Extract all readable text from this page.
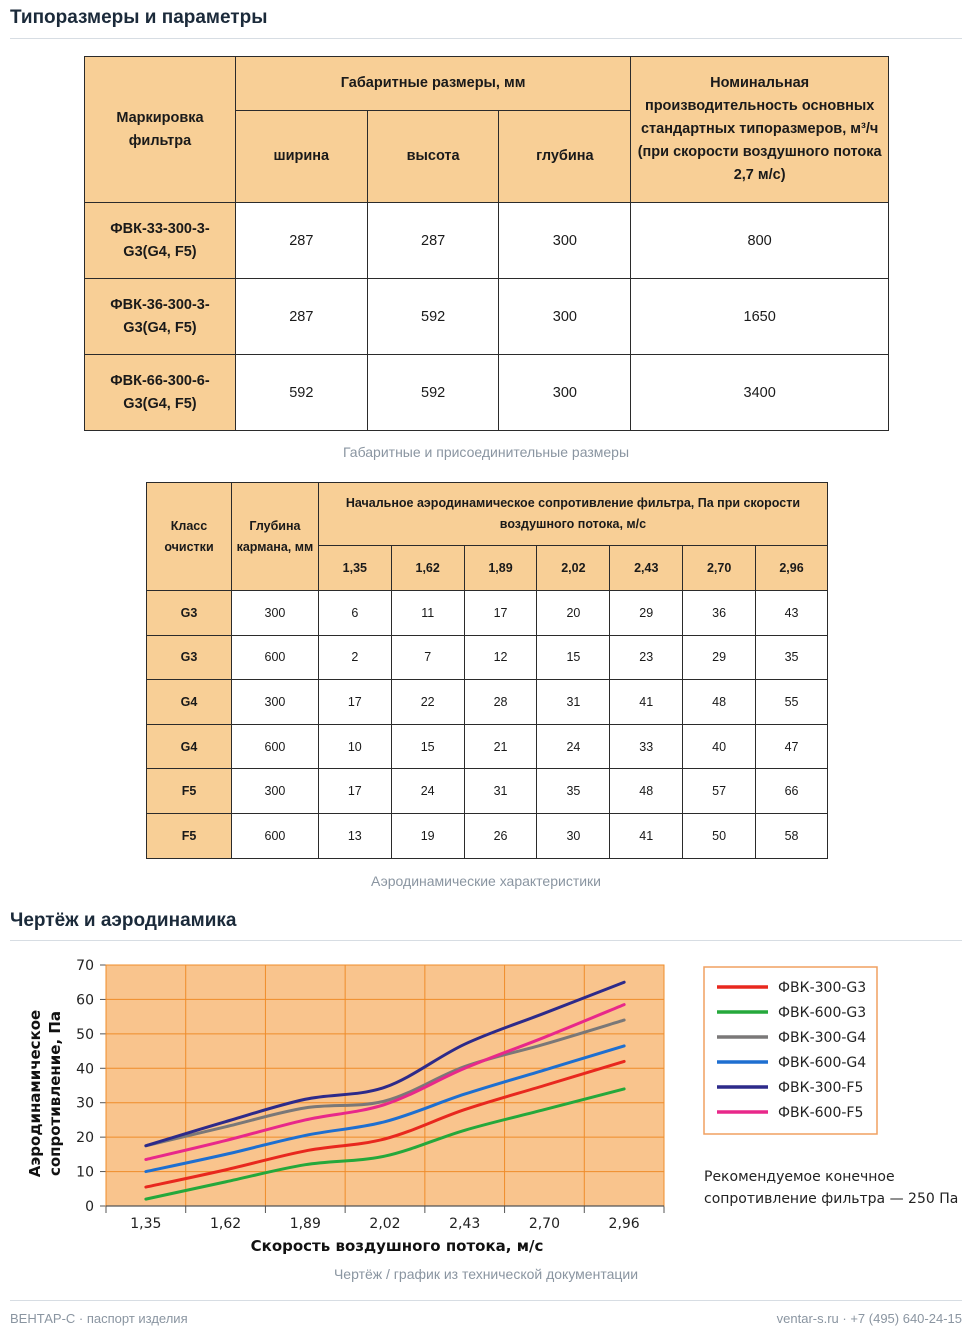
Типоразмеры и параметры
Маркировка фильтра	Габаритные размеры, мм			Номинальная производительность основных стандартных типоразмеров, м³/ч (при скорости воздушного потока 2,7 м/с)
	ширина	высота	глубина	
ФВК-33-300-3-G3(G4, F5)	287	287	300	800
ФВК-36-300-3-G3(G4, F5)	287	592	300	1650
ФВК-66-300-6-G3(G4, F5)	592	592	300	3400
Габаритные и присоединительные размеры
Класс очистки	Глубина кармана, мм	Начальное аэродинамическое сопротивление фильтра, Па при скорости воздушного потока, м/с						
		1,35	1,62	1,89	2,02	2,43	2,70	2,96
G3	300	6	11	17	20	29	36	43
G3	600	2	7	12	15	23	29	35
G4	300	17	22	28	31	41	48	55
G4	600	10	15	21	24	33	40	47
F5	300	17	24	31	35	48	57	66
F5	600	13	19	26	30	41	50	58
Аэродинамические характеристики
Чертёж и аэродинамика
0
10
20
30
40
50
60
70
1,35	1,62	1,89	2,02	2,43	2,70	2,96
Скорость воздушного потока, м/с
Аэродинамическое сопротивление, Па
ФВК-300-G3
ФВК-600-G3
ФВК-300-G4
ФВК-600-G4
ФВК-300-F5
ФВК-600-F5
Рекомендуемое конечное
сопротивление фильтра — 250 Па
Чертёж / график из технической документации
ВЕНТАР-С · паспорт изделия	ventar-s.ru · +7 (495) 640-24-15
